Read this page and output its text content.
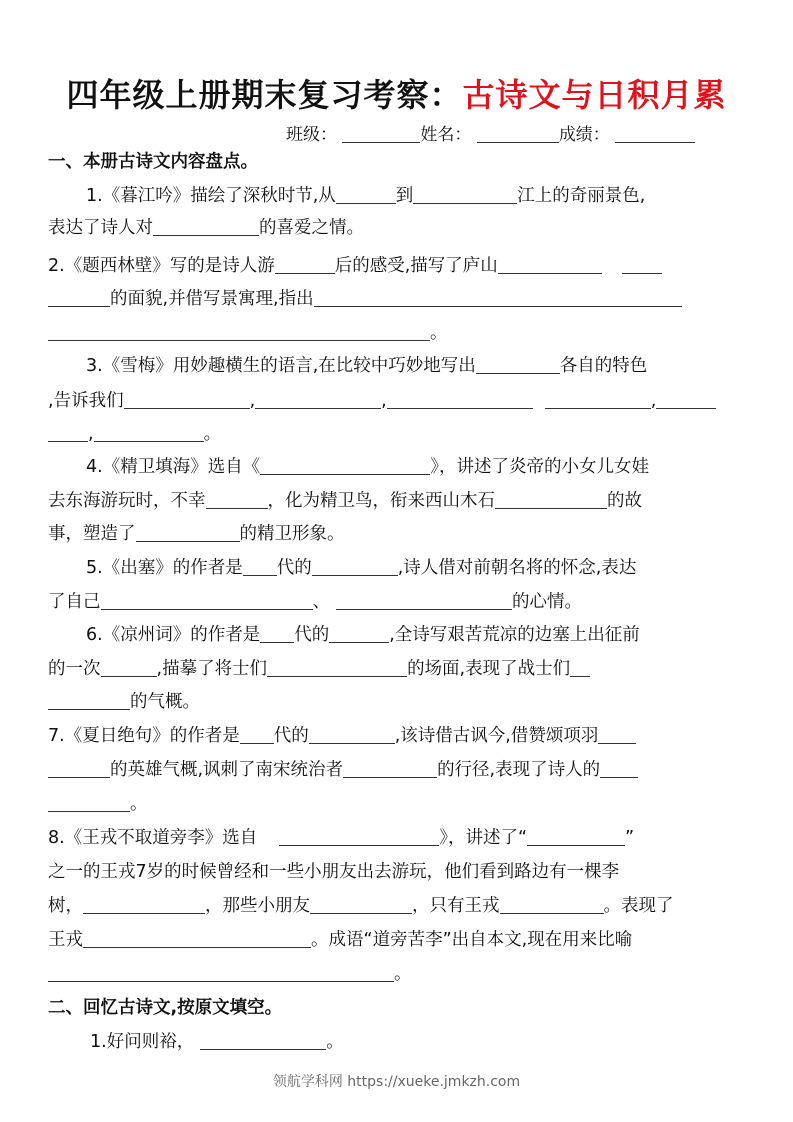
四年级上册期末复习考察：古诗文与日积月累
班级：	姓名：	成绩：
一、本册古诗文内容盘点。
1.《暮江吟》描绘了深秋时节,从	到	江上的奇丽景色,
表达了诗人对	的喜爱之情。
2.《题西林壁》写的是诗人游	后的感受,描写了庐山
的面貌,并借写景寓理,指出
。
3.《雪梅》用妙趣横生的语言,在比较中巧妙地写出	各自的特色
,告诉我们	,	,	,
,	。
4.《精卫填海》选自《	》，讲述了炎帝的小女儿女娃
去东海游玩时，不幸	，化为精卫鸟，衔来西山木石	的故
事，塑造了	的精卫形象。
5.《出塞》的作者是 代的	,诗人借对前朝名将的怀念,表达
了自己	、	的心情。
6.《凉州词》的作者是 代的	,全诗写艰苦荒凉的边塞上出征前
的一次	,描摹了将士们	的场面,表现了战士们
的气概。
7.《夏日绝句》的作者是 代的	,该诗借古讽今,借赞颂项羽
的英雄气概,讽刺了南宋统治者	的行径,表现了诗人的
。
8.《王戎不取道旁李》选自	》，讲述了“	”
之一的王戎7岁的时候曾经和一些小朋友出去游玩，他们看到路边有一棵李
树，	，那些小朋友	，只有王戎	。表现了
王戎	。成语“道旁苦李”出自本文,现在用来比喻
。
二、回忆古诗文,按原文填空。
1.好问则裕，	。
领航学科网 https://xueke.jmkzh.com
